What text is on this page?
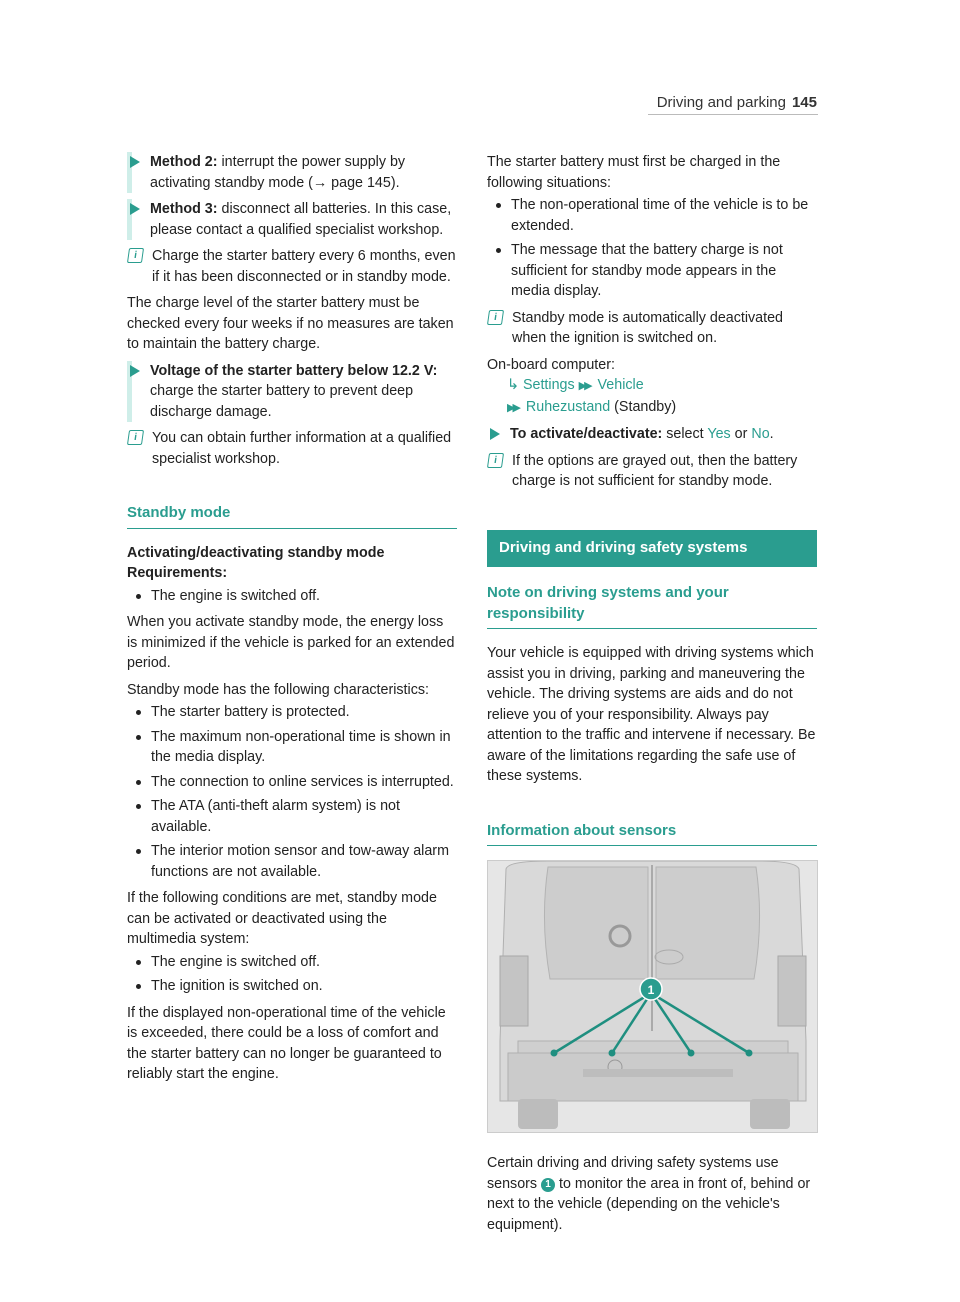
Driving and parking 145
Method 2: interrupt the power supply by activating standby mode (→ page 145).
Method 3: disconnect all batteries. In this case, please contact a qualified specialist workshop.
i	Charge the starter battery every 6 months, even if it has been disconnected or in standby mode.

The charge level of the starter battery must be checked every four weeks if no measures are taken to maintain the battery charge.

Voltage of the starter battery below 12.2 V: charge the starter battery to prevent deep discharge damage.
i	You can obtain further information at a qualified specialist workshop.
Standby mode

Activating/deactivating standby mode

Requirements:

The engine is switched off.

When you activate standby mode, the energy loss is minimized if the vehicle is parked for an extended period.

Standby mode has the following characteristics:

The starter battery is protected.
The maximum non-operational time is shown in the media display.
The connection to online services is interrupted.
The ATA (anti-theft alarm system) is not available.
The interior motion sensor and tow-away alarm functions are not available.

If the following conditions are met, standby mode can be activated or deactivated using the multimedia system:

The engine is switched off.
The ignition is switched on.

If the displayed non-operational time of the vehicle is exceeded, there could be a loss of comfort and the starter battery can no longer be guaranteed to reliably start the engine.

The starter battery must first be charged in the following situations:

The non-operational time of the vehicle is to be extended.
The message that the battery charge is not sufficient for standby mode appears in the media display.
i	Standby mode is automatically deactivated when the ignition is switched on.

On-board computer:

↳ Settings ▶▶ Vehicle
▶▶ Ruhezustand (Standby)
To activate/deactivate: select Yes or No.
i	If the options are grayed out, then the battery charge is not sufficient for standby mode.
Driving and driving safety systems
Note on driving systems and your responsibility

Your vehicle is equipped with driving systems which assist you in driving, parking and maneuvering the vehicle. The driving systems are aids and do not relieve you of your responsibility. Always pay attention to the traffic and intervene if necessary. Be aware of the limitations regarding the safe use of these systems.

Information about sensors
1

Certain driving and driving safety systems use sensors 1 to monitor the area in front of, behind or next to the vehicle (depending on the vehicle's equipment).
